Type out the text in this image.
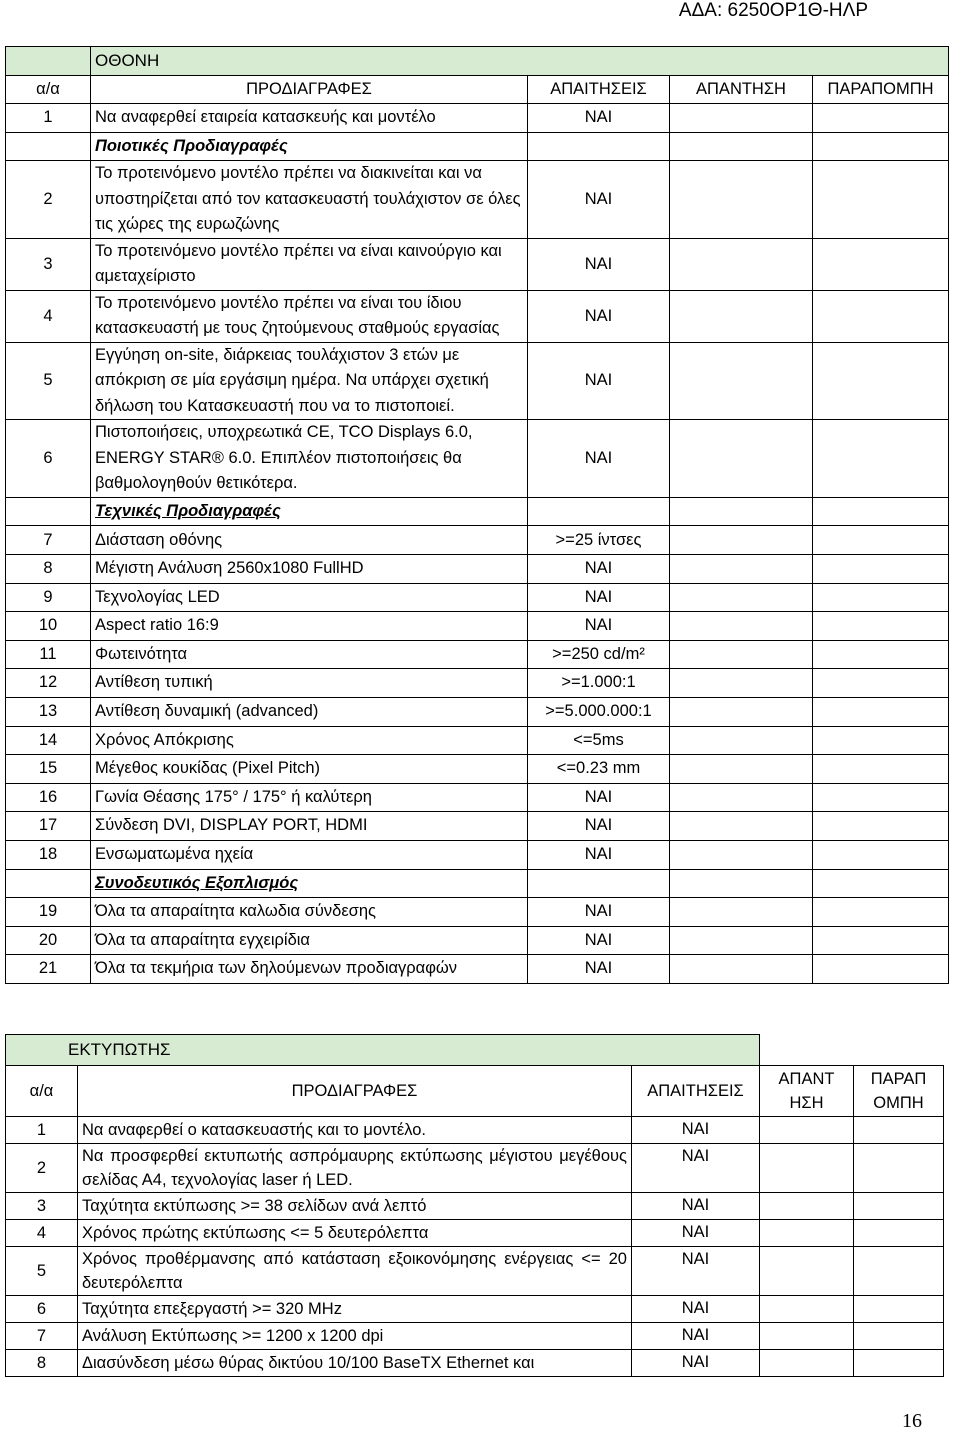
ΑΔΑ: 6250ΟΡ1Θ-ΗΛΡ
	ΟΘΟΝΗ			
α/α	ΠΡΟΔΙΑΓΡΑΦΕΣ	ΑΠΑΙΤΗΣΕΙΣ	ΑΠΑΝΤΗΣΗ	ΠΑΡΑΠΟΜΠΗ
1	Να αναφερθεί εταιρεία κατασκευής και μοντέλο	ΝΑΙ		
	Ποιοτικές Προδιαγραφές			
2	Το προτεινόμενο μοντέλο πρέπει να διακινείται και να υποστηρίζεται από τον κατασκευαστή τουλάχιστον σε όλες τις χώρες της ευρωζώνης	ΝΑΙ		
3	Το προτεινόμενο μοντέλο πρέπει να είναι καινούργιο και αμεταχείριστο	ΝΑΙ		
4	Το προτεινόμενο μοντέλο πρέπει να είναι του ίδιου κατασκευαστή με τους ζητούμενους σταθμούς εργασίας	ΝΑΙ		
5	Εγγύηση on-site, διάρκειας τουλάχιστον 3 ετών με απόκριση σε μία εργάσιμη ημέρα. Να υπάρχει σχετική δήλωση του Κατασκευαστή που να το πιστοποιεί.	ΝΑΙ		
6	Πιστοποιήσεις, υποχρεωτικά CE, TCO Displays 6.0, ENERGY STAR® 6.0. Επιπλέον πιστοποιήσεις θα βαθμολογηθούν θετικότερα.	ΝΑΙ		
	Τεχνικές Προδιαγραφές			
7	Διάσταση οθόνης	>=25 ίντσες		
8	Μέγιστη Ανάλυση 2560x1080 FullHD	ΝΑΙ		
9	Τεχνολογίας LED	ΝΑΙ		
10	Aspect ratio 16:9	ΝΑΙ		
11	Φωτεινότητα	>=250 cd/m²		
12	Αντίθεση τυπική	>=1.000:1		
13	Αντίθεση δυναμική (advanced)	>=5.000.000:1		
14	Χρόνος Απόκρισης	<=5ms		
15	Μέγεθος κουκίδας (Pixel Pitch)	<=0.23 mm		
16	Γωνία Θέασης 175° / 175° ή καλύτερη	ΝΑΙ		
17	Σύνδεση DVI, DISPLAY PORT, HDMI	ΝΑΙ		
18	Ενσωματωμένα ηχεία	ΝΑΙ		
	Συνοδευτικός Εξοπλισμός			
19	Όλα τα απαραίτητα καλωδια σύνδεσης	ΝΑΙ		
20	Όλα τα απαραίτητα εγχειρίδια	ΝΑΙ		
21	Όλα τα τεκμήρια των δηλούμενων προδιαγραφών	ΝΑΙ		
ΕΚΤΥΠΩΤΗΣ				
α/α	ΠΡΟΔΙΑΓΡΑΦΕΣ	ΑΠΑΙΤΗΣΕΙΣ	ΑΠΑΝΤ ΗΣΗ	ΠΑΡΑΠ ΟΜΠΗ
1	Να αναφερθεί ο κατασκευαστής και το μοντέλο.	ΝΑΙ		
2	Να προσφερθεί εκτυπωτής ασπρόμαυρης εκτύπωσης μέγιστου μεγέθους σελίδας Α4, τεχνολογίας laser ή LED.	ΝΑΙ		
3	Ταχύτητα εκτύπωσης >= 38 σελίδων ανά λεπτό	ΝΑΙ		
4	Χρόνος πρώτης εκτύπωσης <= 5 δευτερόλεπτα	ΝΑΙ		
5	Χρόνος προθέρμανσης από κατάσταση εξοικονόμησης ενέργειας <= 20 δευτερόλεπτα	ΝΑΙ		
6	Ταχύτητα επεξεργαστή >= 320 MHz	ΝΑΙ		
7	Ανάλυση Εκτύπωσης >= 1200 x 1200 dpi	ΝΑΙ		
8	Διασύνδεση μέσω θύρας δικτύου 10/100 BaseTX Ethernet και	ΝΑΙ		
16
